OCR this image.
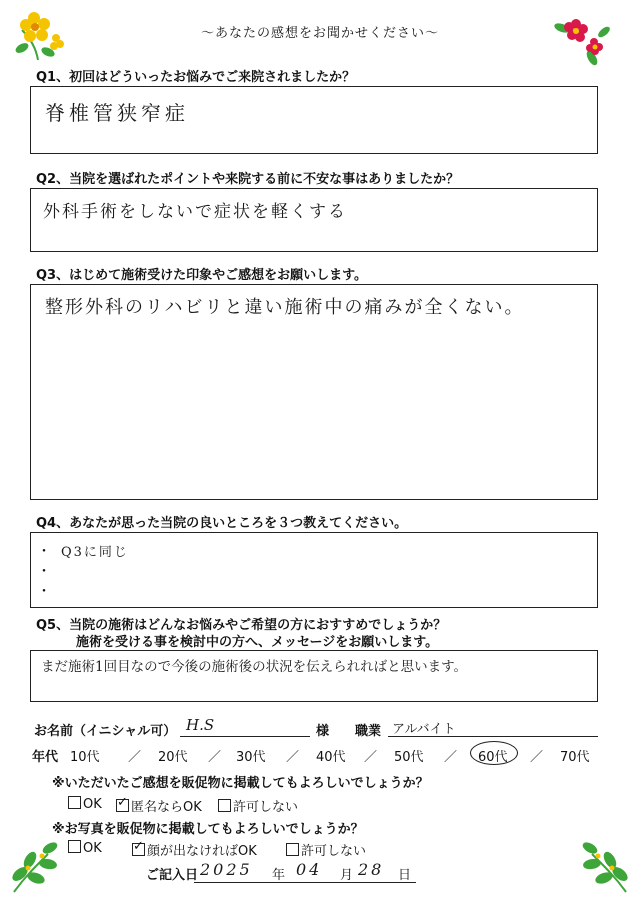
〜あなたの感想をお聞かせください〜
Q1、初回はどういったお悩みでご来院されましたか？
脊椎管狭窄症
Q2、当院を選ばれたポイントや来院する前に不安な事はありましたか？
外科手術をしないで症状を軽くする
Q3、はじめて施術受けた印象やご感想をお願いします。
整形外科のリハビリと違い施術中の痛みが全くない。
Q4、あなたが思った当院の良いところを３つ教えてください。
・ Q3に同じ
・
・
Q5、当院の施術はどんなお悩みやご希望の方におすすめでしょうか？
施術を受ける事を検討中の方へ、メッセージをお願いします。
まだ施術1回目なので今後の施術後の状況を伝えられればと思います。
お名前（イニシャル可） H.S	様 職業 アルバイト
年代 10代 ／ 20代 ／ 30代 ／ 40代 ／ 50代 ／ 60代 ／ 70代
※いただいたご感想を販促物に掲載してもよろしいでしょうか？
OK ✓	匿名ならOK	許可しない
※お写真を販促物に掲載してもよろしいでしょうか？
OK ✓	顔が出なければOK	許可しない
ご記入日 2025 年 04 月 28 日
